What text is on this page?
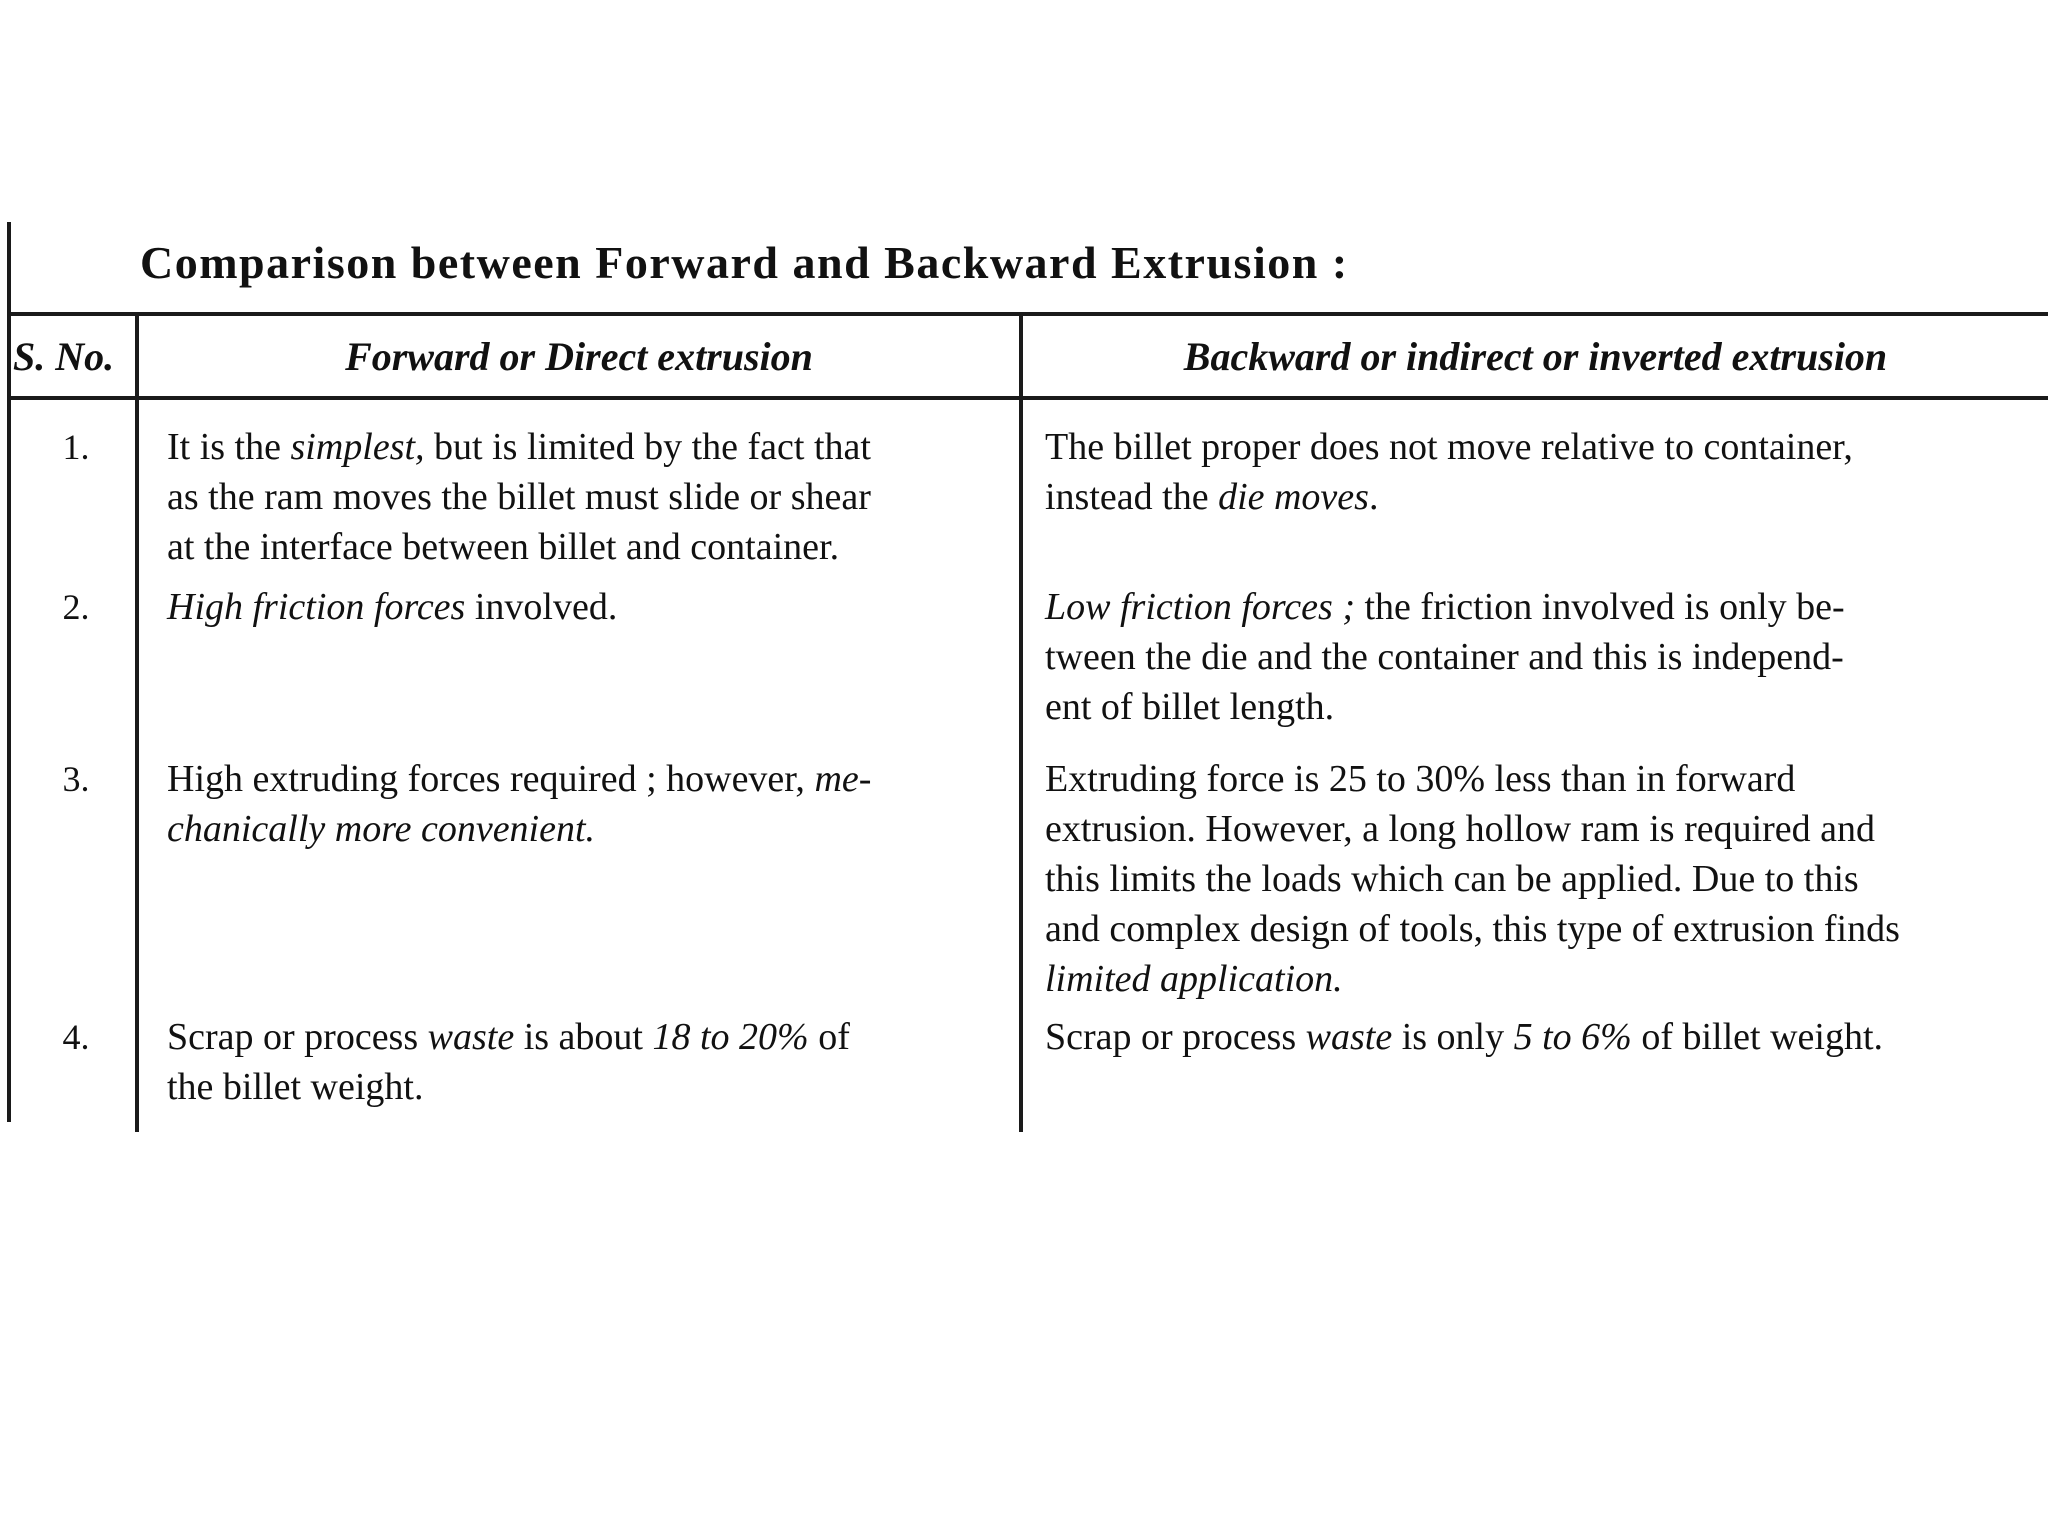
Comparison between Forward and Backward Extrusion :
S. No.	Forward or Direct extrusion	Backward or indirect or inverted extrusion
1.	It is the simplest, but is limited by the fact that
as the ram moves the billet must slide or shear
at the interface between billet and container.	The billet proper does not move relative to container,
instead the die moves.

2.	High friction forces involved.	Low friction forces ; the friction involved is only be-
tween the die and the container and this is independ-
ent of billet length.

3.	High extruding forces required ; however, me-
chanically more convenient.	Extruding force is 25 to 30% less than in forward
extrusion. However, a long hollow ram is required and
this limits the loads which can be applied. Due to this
and complex design of tools, this type of extrusion finds
limited application.

4.	Scrap or process waste is about 18 to 20% of
the billet weight.	Scrap or process waste is only 5 to 6% of billet weight.
